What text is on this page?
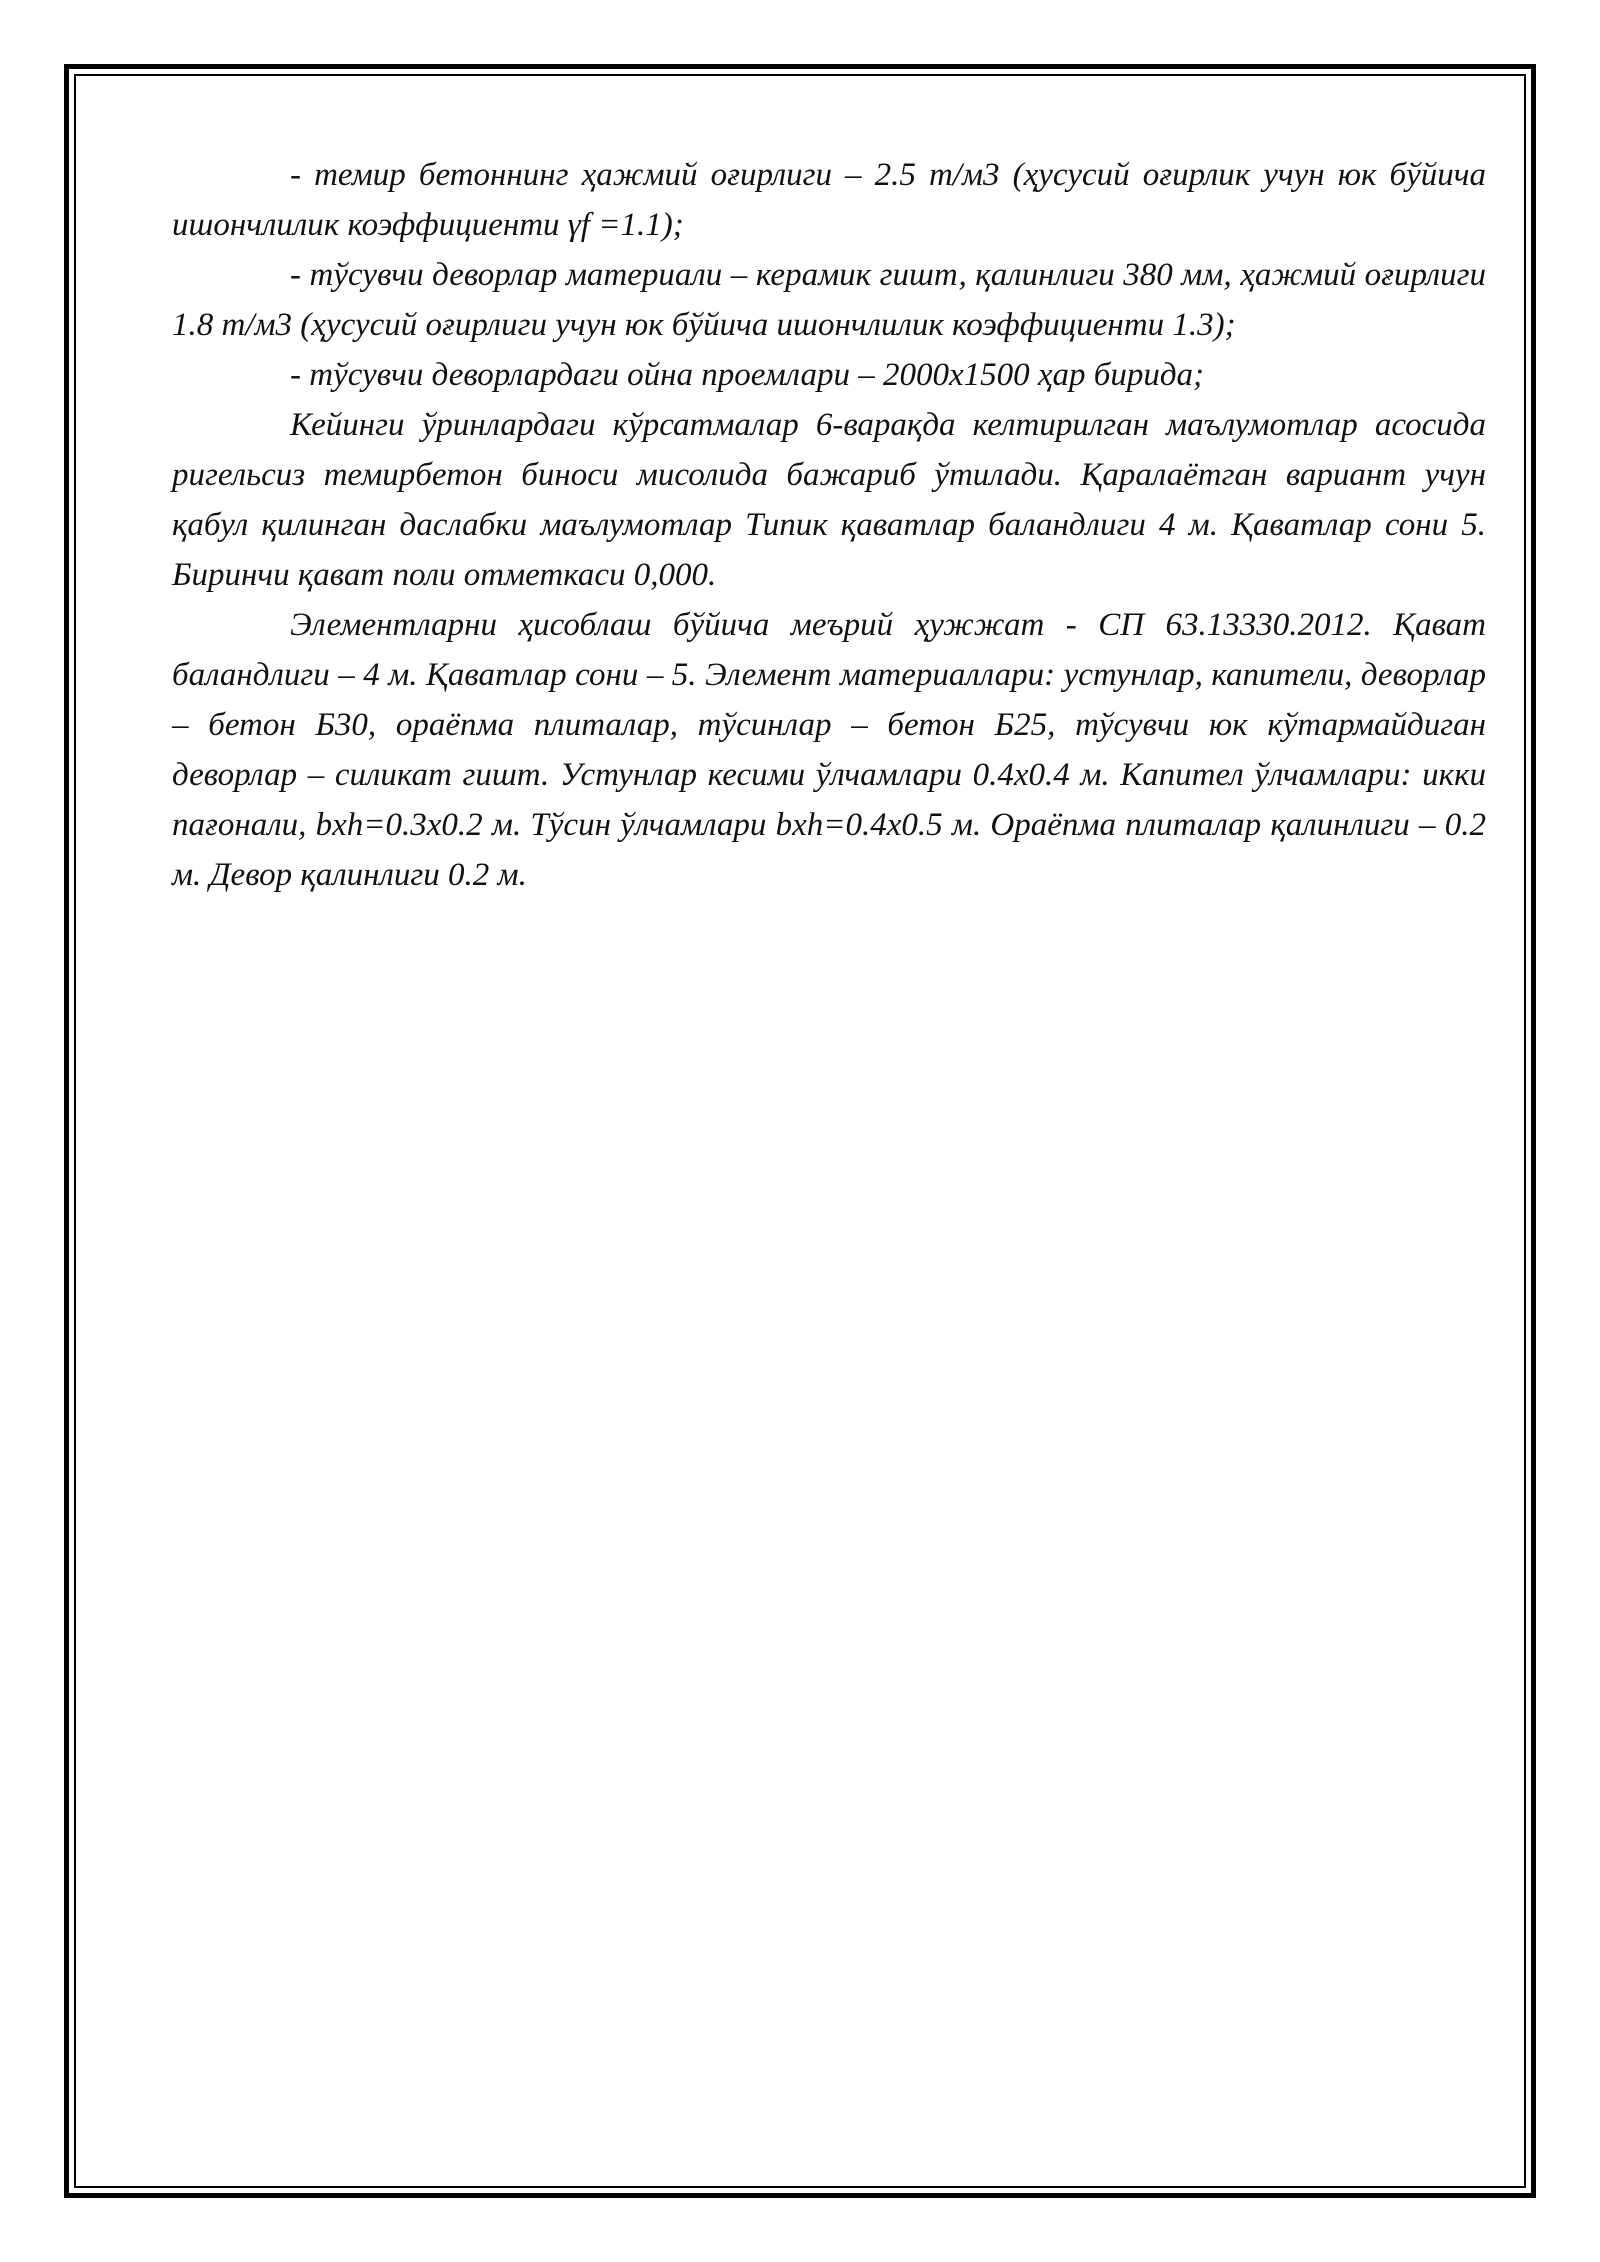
- темир бетоннинг ҳажмий оғирлиги – 2.5 т/м3 (ҳусусий оғирлик учун юк бўйича ишончлилик коэффициенти γf =1.1);

- тўсувчи деворлар материали – керамик гишт, қалинлиги 380 мм, ҳажмий оғирлиги 1.8 т/м3 (ҳусусий оғирлиги учун юк бўйича ишончлилик коэффициенти 1.3);

- тўсувчи деворлардаги ойна проемлари – 2000х1500 ҳар бирида;

Кейинги ўринлардаги кўрсатмалар 6-варақда келтирилган маълумотлар асосида ригельсиз темирбетон биноси мисолида бажариб ўтилади. Қаралаётган вариант учун қабул қилинган даслабки маълумотлар Типик қаватлар баландлиги 4 м. Қаватлар сони 5. Биринчи қават поли отметкаси 0,000.

Элементларни ҳисоблаш бўйича меърий ҳужжат - СП 63.13330.2012. Қават баландлиги – 4 м. Қаватлар сони – 5. Элемент материаллари: устунлар, капители, деворлар – бетон Б30, ораёпма плиталар, тўсинлар – бетон Б25, тўсувчи юк кўтармайдиган деворлар – силикат гишт. Устунлар кесими ўлчамлари 0.4х0.4 м. Капител ўлчамлари: икки пағонали, bxh=0.3x0.2 м. Тўсин ўлчамлари bxh=0.4x0.5 м. Ораёпма плиталар қалинлиги – 0.2 м. Девор қалинлиги 0.2 м.
